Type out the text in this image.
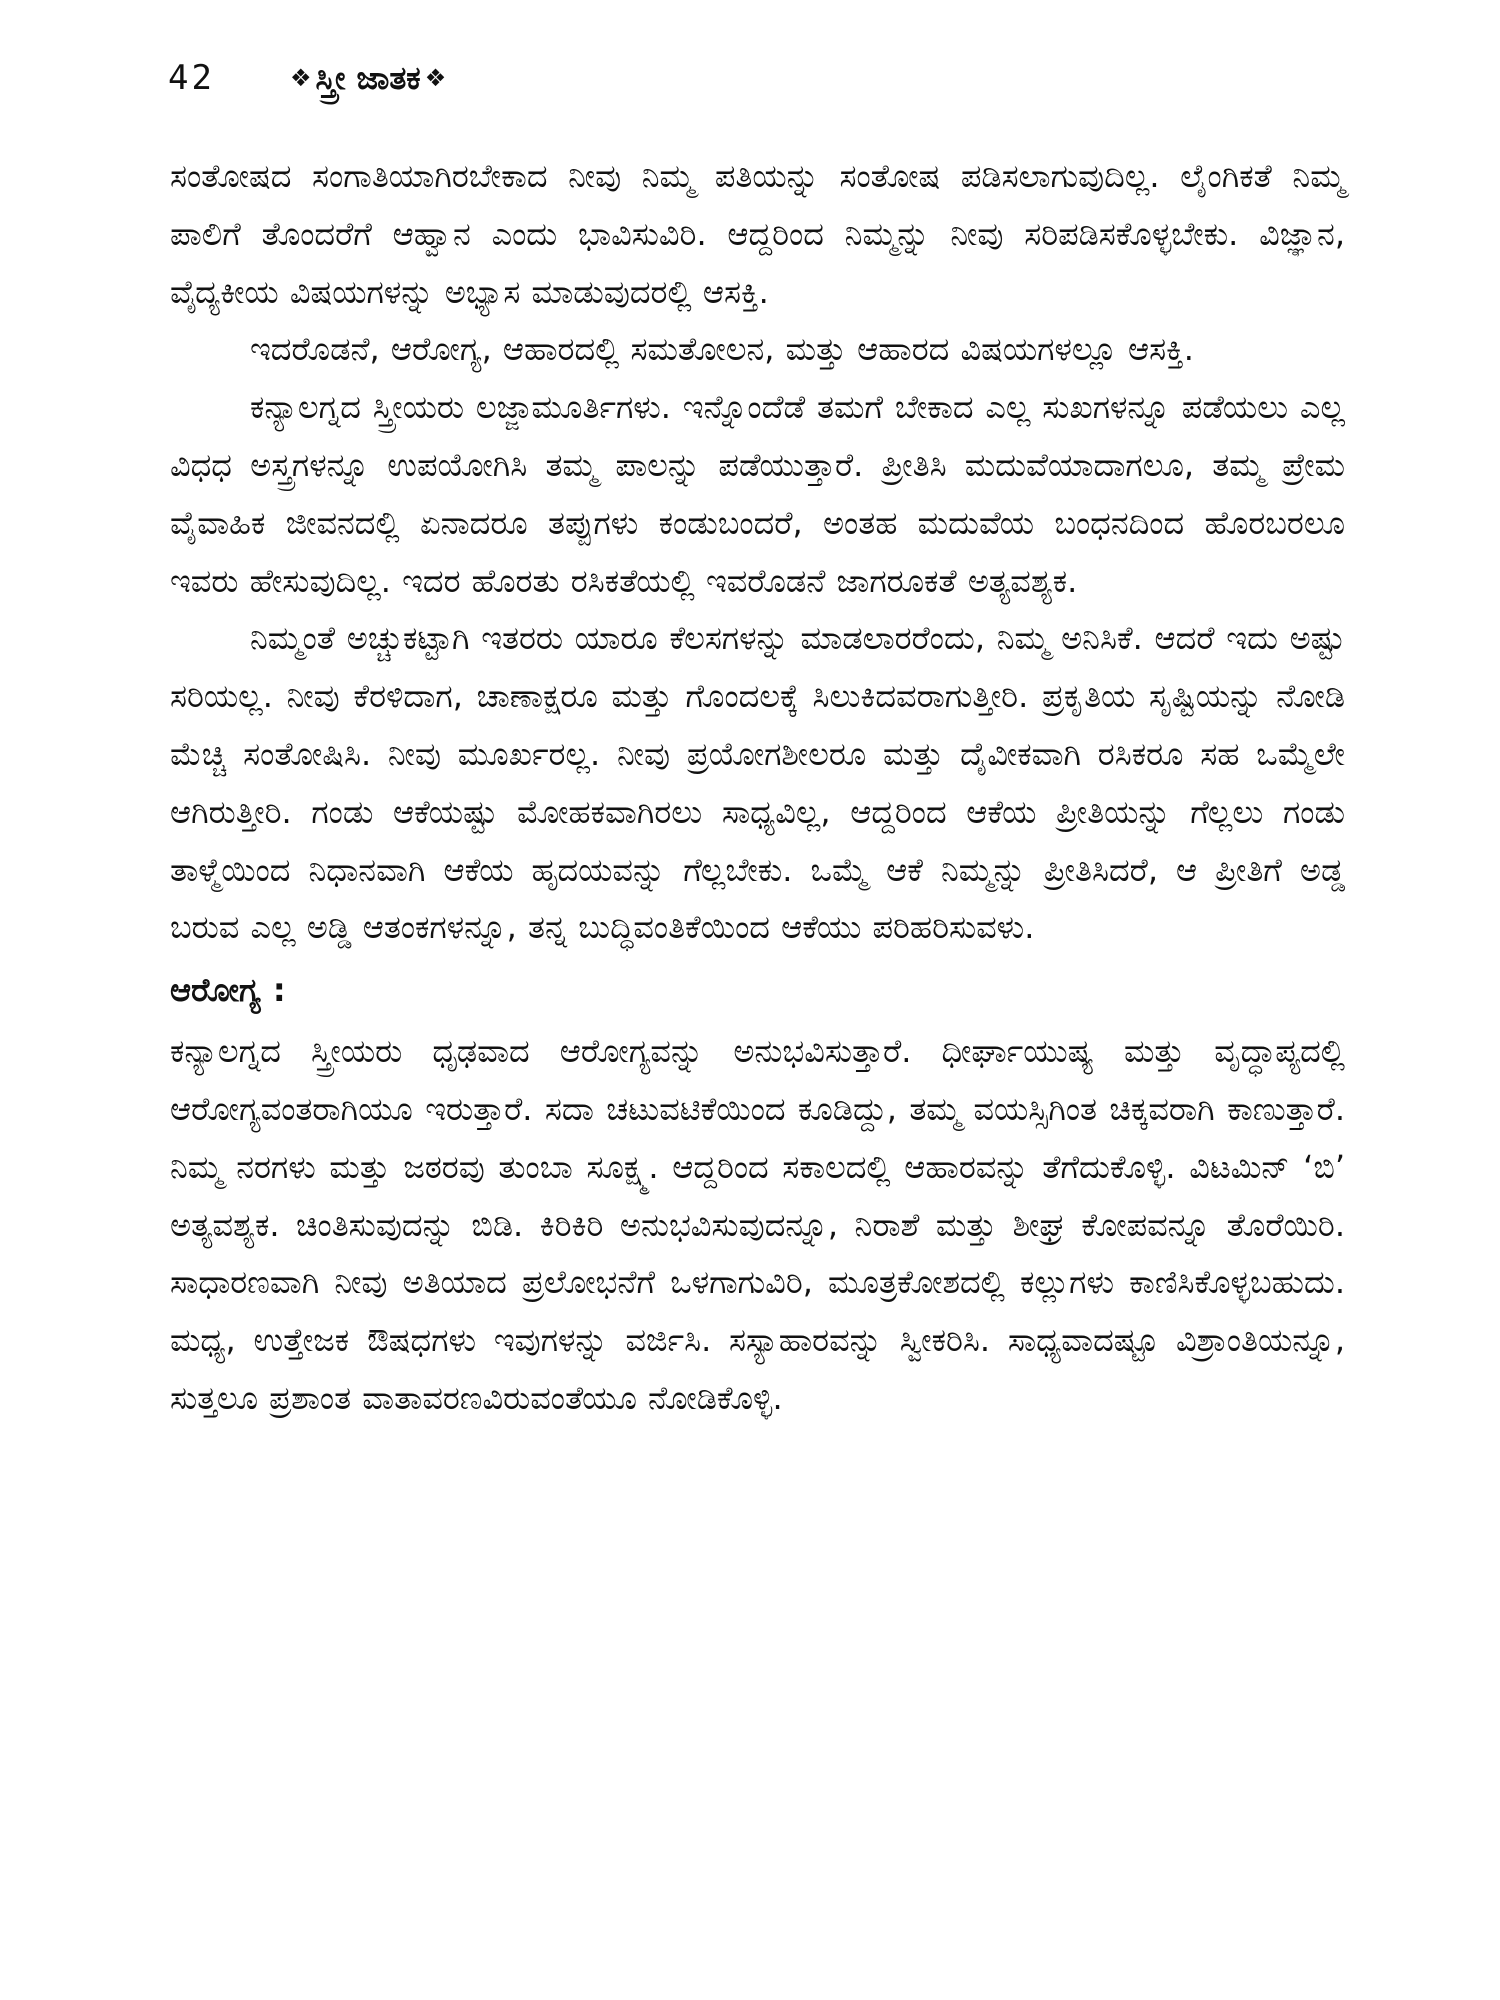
42	❖ ಸ್ತ್ರೀ ಜಾತಕ ❖

ಸಂತೋಷದ ಸಂಗಾತಿಯಾಗಿರಬೇಕಾದ ನೀವು ನಿಮ್ಮ ಪತಿಯನ್ನು ಸಂತೋಷ ಪಡಿಸಲಾಗುವುದಿಲ್ಲ. ಲೈಂಗಿಕತೆ ನಿಮ್ಮ ಪಾಲಿಗೆ ತೊಂದರೆಗೆ ಆಹ್ವಾನ ಎಂದು ಭಾವಿಸುವಿರಿ. ಆದ್ದರಿಂದ ನಿಮ್ಮನ್ನು ನೀವು ಸರಿಪಡಿಸಕೊಳ್ಳಬೇಕು. ವಿಜ್ಞಾನ, ವೈದ್ಯಕೀಯ ವಿಷಯಗಳನ್ನು ಅಭ್ಯಾಸ ಮಾಡುವುದರಲ್ಲಿ ಆಸಕ್ತಿ.

ಇದರೊಡನೆ, ಆರೋಗ್ಯ, ಆಹಾರದಲ್ಲಿ ಸಮತೋಲನ, ಮತ್ತು ಆಹಾರದ ವಿಷಯಗಳಲ್ಲೂ ಆಸಕ್ತಿ.

ಕನ್ಯಾಲಗ್ನದ ಸ್ತ್ರೀಯರು ಲಜ್ಜಾಮೂರ್ತಿಗಳು. ಇನ್ನೊಂದೆಡೆ ತಮಗೆ ಬೇಕಾದ ಎಲ್ಲ ಸುಖಗಳನ್ನೂ ಪಡೆಯಲು ಎಲ್ಲ ವಿಧಧ ಅಸ್ತ್ರಗಳನ್ನೂ ಉಪಯೋಗಿಸಿ ತಮ್ಮ ಪಾಲನ್ನು ಪಡೆಯುತ್ತಾರೆ. ಪ್ರೀತಿಸಿ ಮದುವೆಯಾದಾಗಲೂ, ತಮ್ಮ ಪ್ರೇಮ ವೈವಾಹಿಕ ಜೀವನದಲ್ಲಿ ಏನಾದರೂ ತಪ್ಪುಗಳು ಕಂಡುಬಂದರೆ, ಅಂತಹ ಮದುವೆಯ ಬಂಧನದಿಂದ ಹೊರಬರಲೂ ಇವರು ಹೇಸುವುದಿಲ್ಲ. ಇದರ ಹೊರತು ರಸಿಕತೆಯಲ್ಲಿ ಇವರೊಡನೆ ಜಾಗರೂಕತೆ ಅತ್ಯವಶ್ಯಕ.

ನಿಮ್ಮಂತೆ ಅಚ್ಚುಕಟ್ಟಾಗಿ ಇತರರು ಯಾರೂ ಕೆಲಸಗಳನ್ನು ಮಾಡಲಾರರೆಂದು, ನಿಮ್ಮ ಅನಿಸಿಕೆ. ಆದರೆ ಇದು ಅಷ್ಟು ಸರಿಯಲ್ಲ. ನೀವು ಕೆರಳಿದಾಗ, ಚಾಣಾಕ್ಷರೂ ಮತ್ತು ಗೊಂದಲಕ್ಕೆ ಸಿಲುಕಿದವರಾಗುತ್ತೀರಿ. ಪ್ರಕೃತಿಯ ಸೃಷ್ಟಿಯನ್ನು ನೋಡಿ ಮೆಚ್ಚಿ ಸಂತೋಷಿಸಿ. ನೀವು ಮೂರ್ಖರಲ್ಲ. ನೀವು ಪ್ರಯೋಗಶೀಲರೂ ಮತ್ತು ದೈವೀಕವಾಗಿ ರಸಿಕರೂ ಸಹ ಒಮ್ಮೆಲೇ ಆಗಿರುತ್ತೀರಿ. ಗಂಡು ಆಕೆಯಷ್ಟು ಮೋಹಕವಾಗಿರಲು ಸಾಧ್ಯವಿಲ್ಲ, ಆದ್ದರಿಂದ ಆಕೆಯ ಪ್ರೀತಿಯನ್ನು ಗೆಲ್ಲಲು ಗಂಡು ತಾಳ್ಮೆಯಿಂದ ನಿಧಾನವಾಗಿ ಆಕೆಯ ಹೃದಯವನ್ನು ಗೆಲ್ಲಬೇಕು. ಒಮ್ಮೆ ಆಕೆ ನಿಮ್ಮನ್ನು ಪ್ರೀತಿಸಿದರೆ, ಆ ಪ್ರೀತಿಗೆ ಅಡ್ಡ ಬರುವ ಎಲ್ಲ ಅಡ್ಡಿ ಆತಂಕಗಳನ್ನೂ, ತನ್ನ ಬುದ್ಧಿವಂತಿಕೆಯಿಂದ ಆಕೆಯು ಪರಿಹರಿಸುವಳು.

ಆರೋಗ್ಯ :

ಕನ್ಯಾಲಗ್ನದ ಸ್ತ್ರೀಯರು ಧೃಢವಾದ ಆರೋಗ್ಯವನ್ನು ಅನುಭವಿಸುತ್ತಾರೆ. ಧೀರ್ಘಾಯುಷ್ಯ ಮತ್ತು ವೃದ್ಧಾಪ್ಯದಲ್ಲಿ ಆರೋಗ್ಯವಂತರಾಗಿಯೂ ಇರುತ್ತಾರೆ. ಸದಾ ಚಟುವಟಿಕೆಯಿಂದ ಕೂಡಿದ್ದು, ತಮ್ಮ ವಯಸ್ಸಿಗಿಂತ ಚಿಕ್ಕವರಾಗಿ ಕಾಣುತ್ತಾರೆ. ನಿಮ್ಮ ನರಗಳು ಮತ್ತು ಜಠರವು ತುಂಬಾ ಸೂಕ್ಷ್ಮ. ಆದ್ದರಿಂದ ಸಕಾಲದಲ್ಲಿ ಆಹಾರವನ್ನು ತೆಗೆದುಕೊಳ್ಳಿ. ವಿಟಮಿನ್ ‘ಬಿ’ ಅತ್ಯವಶ್ಯಕ. ಚಿಂತಿಸುವುದನ್ನು ಬಿಡಿ. ಕಿರಿಕಿರಿ ಅನುಭವಿಸುವುದನ್ನೂ, ನಿರಾಶೆ ಮತ್ತು ಶೀಘ್ರ ಕೋಪವನ್ನೂ ತೊರೆಯಿರಿ. ಸಾಧಾರಣವಾಗಿ ನೀವು ಅತಿಯಾದ ಪ್ರಲೋಭನೆಗೆ ಒಳಗಾಗುವಿರಿ, ಮೂತ್ರಕೋಶದಲ್ಲಿ ಕಲ್ಲುಗಳು ಕಾಣಿಸಿಕೊಳ್ಳಬಹುದು. ಮಧ್ಯ, ಉತ್ತೇಜಕ ಔಷಧಗಳು ಇವುಗಳನ್ನು ವರ್ಜಿಸಿ. ಸಸ್ಯಾಹಾರವನ್ನು ಸ್ವೀಕರಿಸಿ. ಸಾಧ್ಯವಾದಷ್ಟೂ ವಿಶ್ರಾಂತಿಯನ್ನೂ, ಸುತ್ತಲೂ ಪ್ರಶಾಂತ ವಾತಾವರಣವಿರುವಂತೆಯೂ ನೋಡಿಕೊಳ್ಳಿ.
